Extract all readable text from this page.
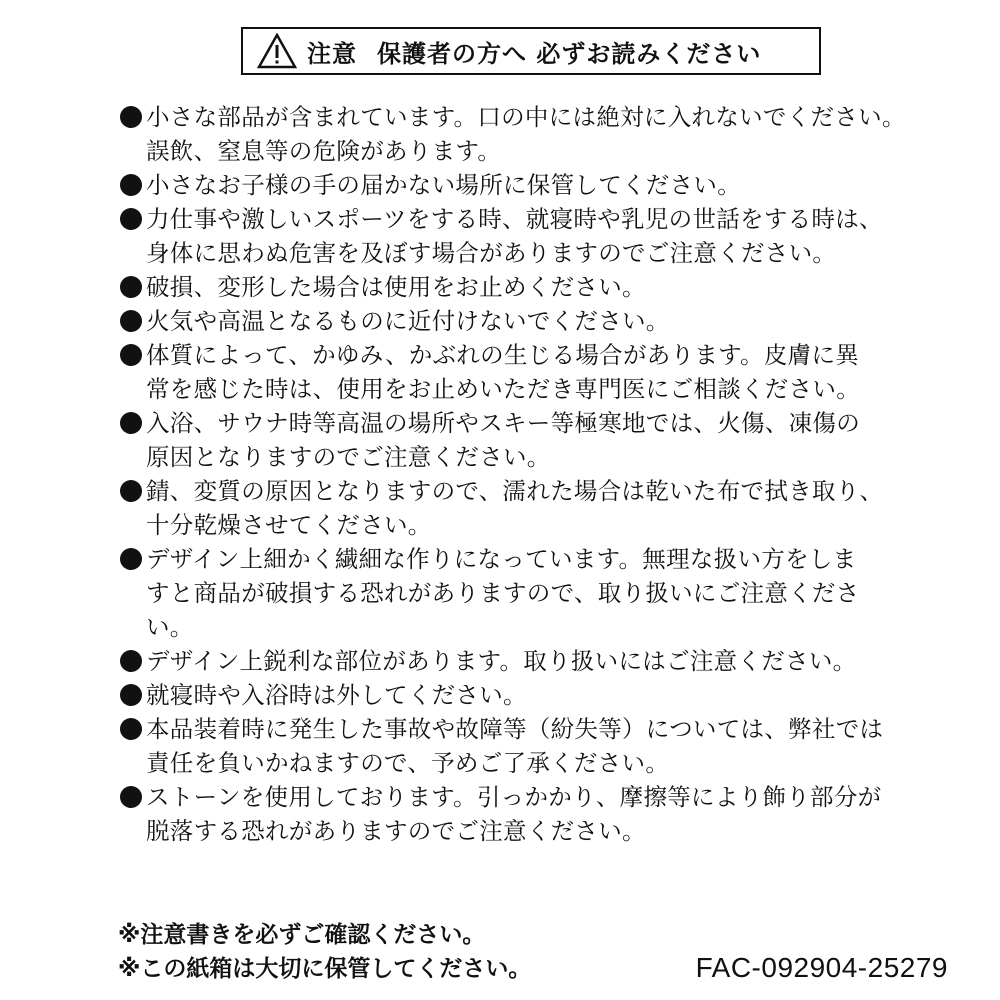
注意 保護者の方へ 必ずお読みください
小さな部品が含まれています。口の中には絶対に入れないでください。
誤飲、窒息等の危険があります。
小さなお子様の手の届かない場所に保管してください。
力仕事や激しいスポーツをする時、就寝時や乳児の世話をする時は、
身体に思わぬ危害を及ぼす場合がありますのでご注意ください。
破損、変形した場合は使用をお止めください。
火気や高温となるものに近付けないでください。
体質によって、かゆみ、かぶれの生じる場合があります。皮膚に異
常を感じた時は、使用をお止めいただき専門医にご相談ください。
入浴、サウナ時等高温の場所やスキー等極寒地では、火傷、凍傷の
原因となりますのでご注意ください。
錆、変質の原因となりますので、濡れた場合は乾いた布で拭き取り、
十分乾燥させてください。
デザイン上細かく繊細な作りになっています。無理な扱い方をしま
すと商品が破損する恐れがありますので、取り扱いにご注意くださ
い。
デザイン上鋭利な部位があります。取り扱いにはご注意ください。
就寝時や入浴時は外してください。
本品装着時に発生した事故や故障等（紛失等）については、弊社では
責任を負いかねますので、予めご了承ください。
ストーンを使用しております。引っかかり、摩擦等により飾り部分が
脱落する恐れがありますのでご注意ください。
※注意書きを必ずご確認ください。
※この紙箱は大切に保管してください。	FAC-092904-25279
